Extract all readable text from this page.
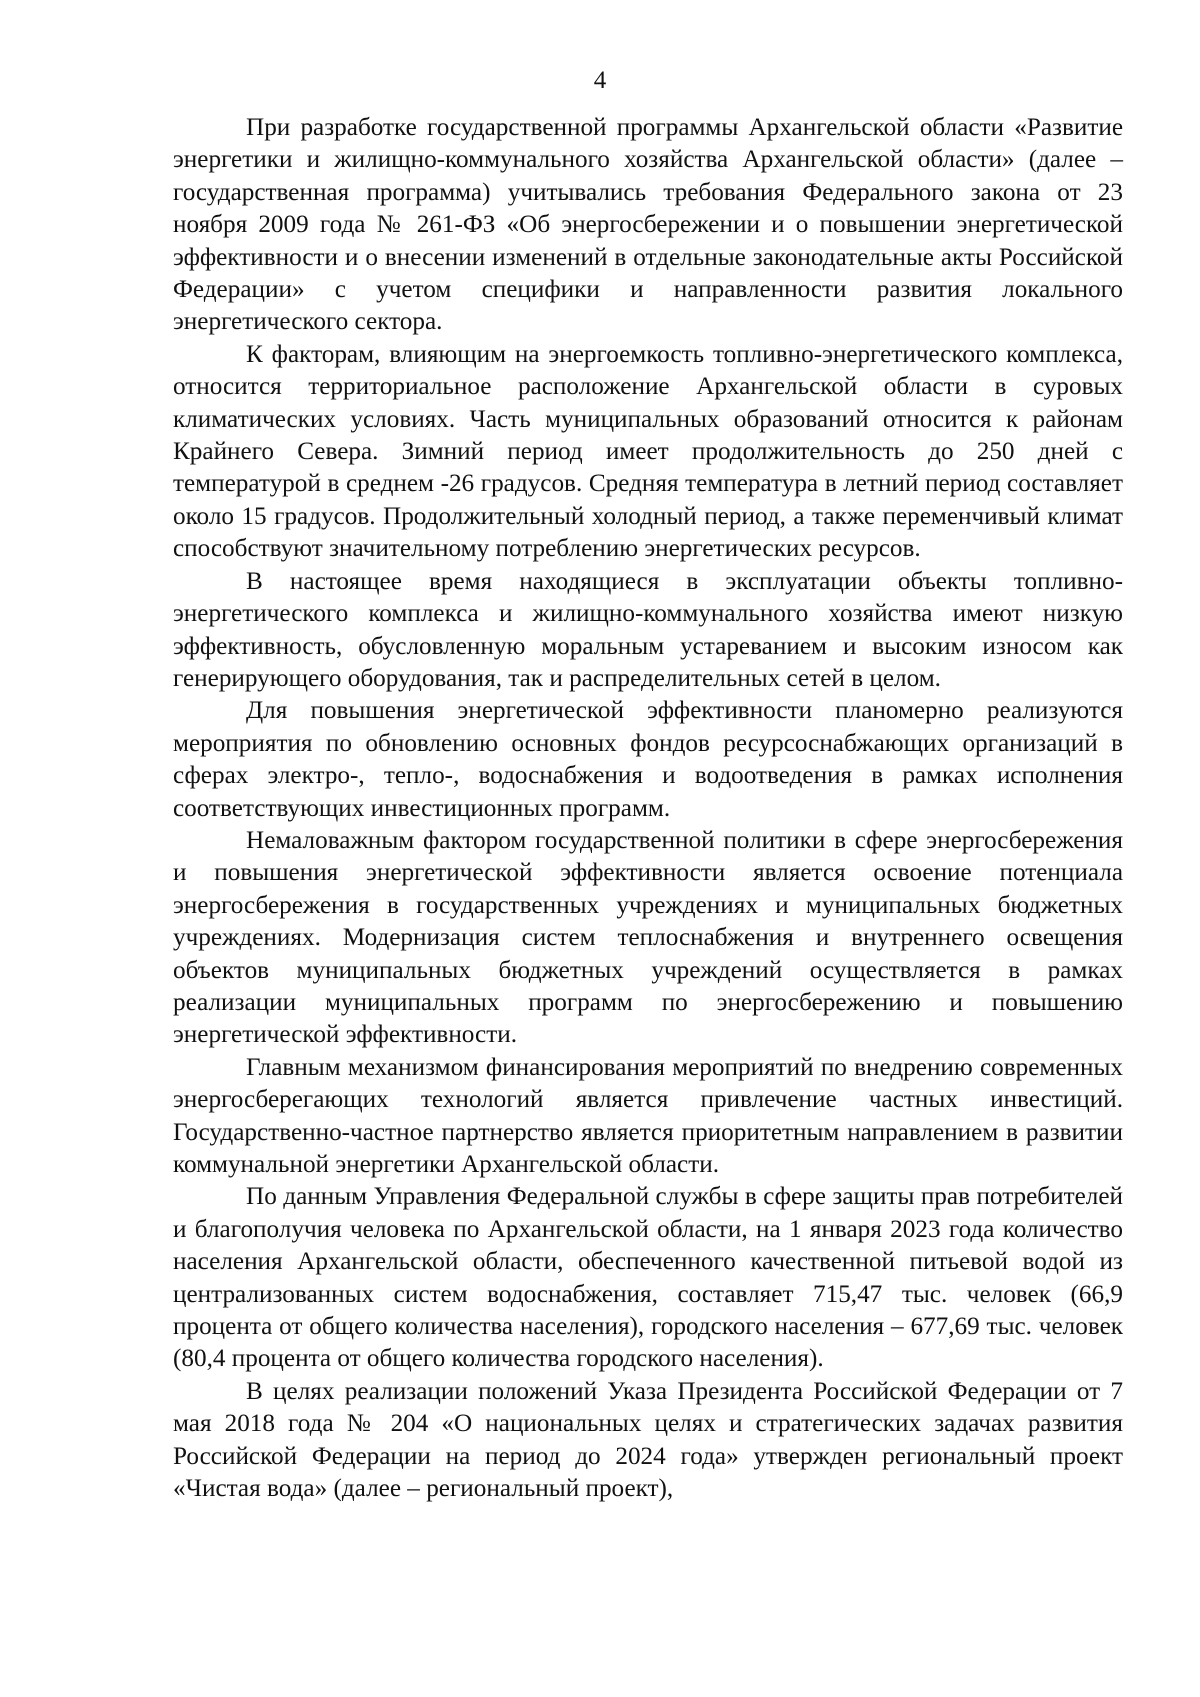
4

При разработке государственной программы Архангельской области «Развитие энергетики и жилищно-коммунального хозяйства Архангельской области» (далее – государственная программа) учитывались требования Федерального закона от 23 ноября 2009 года № 261-ФЗ «Об энергосбережении и о повышении энергетической эффективности и о внесении изменений в отдельные законодательные акты Российской Федерации» с учетом специфики и направленности развития локального энергетического сектора.

К факторам, влияющим на энергоемкость топливно-энергетического комплекса, относится территориальное расположение Архангельской области в суровых климатических условиях. Часть муниципальных образований относится к районам Крайнего Севера. Зимний период имеет продолжительность до 250 дней с температурой в среднем -26 градусов. Средняя температура в летний период составляет около 15 градусов. Продолжительный холодный период, а также переменчивый климат способствуют значительному потреблению энергетических ресурсов.

В настоящее время находящиеся в эксплуатации объекты топливно-энергетического комплекса и жилищно-коммунального хозяйства имеют низкую эффективность, обусловленную моральным устареванием и высоким износом как генерирующего оборудования, так и распределительных сетей в целом.

Для повышения энергетической эффективности планомерно реализуются мероприятия по обновлению основных фондов ресурсоснабжающих организаций в сферах электро-, тепло-, водоснабжения и водоотведения в рамках исполнения соответствующих инвестиционных программ.

Немаловажным фактором государственной политики в сфере энергосбережения и повышения энергетической эффективности является освоение потенциала энергосбережения в государственных учреждениях и муниципальных бюджетных учреждениях. Модернизация систем теплоснабжения и внутреннего освещения объектов муниципальных бюджетных учреждений осуществляется в рамках реализации муниципальных программ по энергосбережению и повышению энергетической эффективности.

Главным механизмом финансирования мероприятий по внедрению современных энергосберегающих технологий является привлечение частных инвестиций. Государственно-частное партнерство является приоритетным направлением в развитии коммунальной энергетики Архангельской области.

По данным Управления Федеральной службы в сфере защиты прав потребителей и благополучия человека по Архангельской области, на 1 января 2023 года количество населения Архангельской области, обеспеченного качественной питьевой водой из централизованных систем водоснабжения, составляет 715,47 тыс. человек (66,9 процента от общего количества населения), городского населения – 677,69 тыс. человек (80,4 процента от общего количества городского населения).

В целях реализации положений Указа Президента Российской Федерации от 7 мая 2018 года № 204 «О национальных целях и стратегических задачах развития Российской Федерации на период до 2024 года» утвержден региональный проект «Чистая вода» (далее – региональный проект),
